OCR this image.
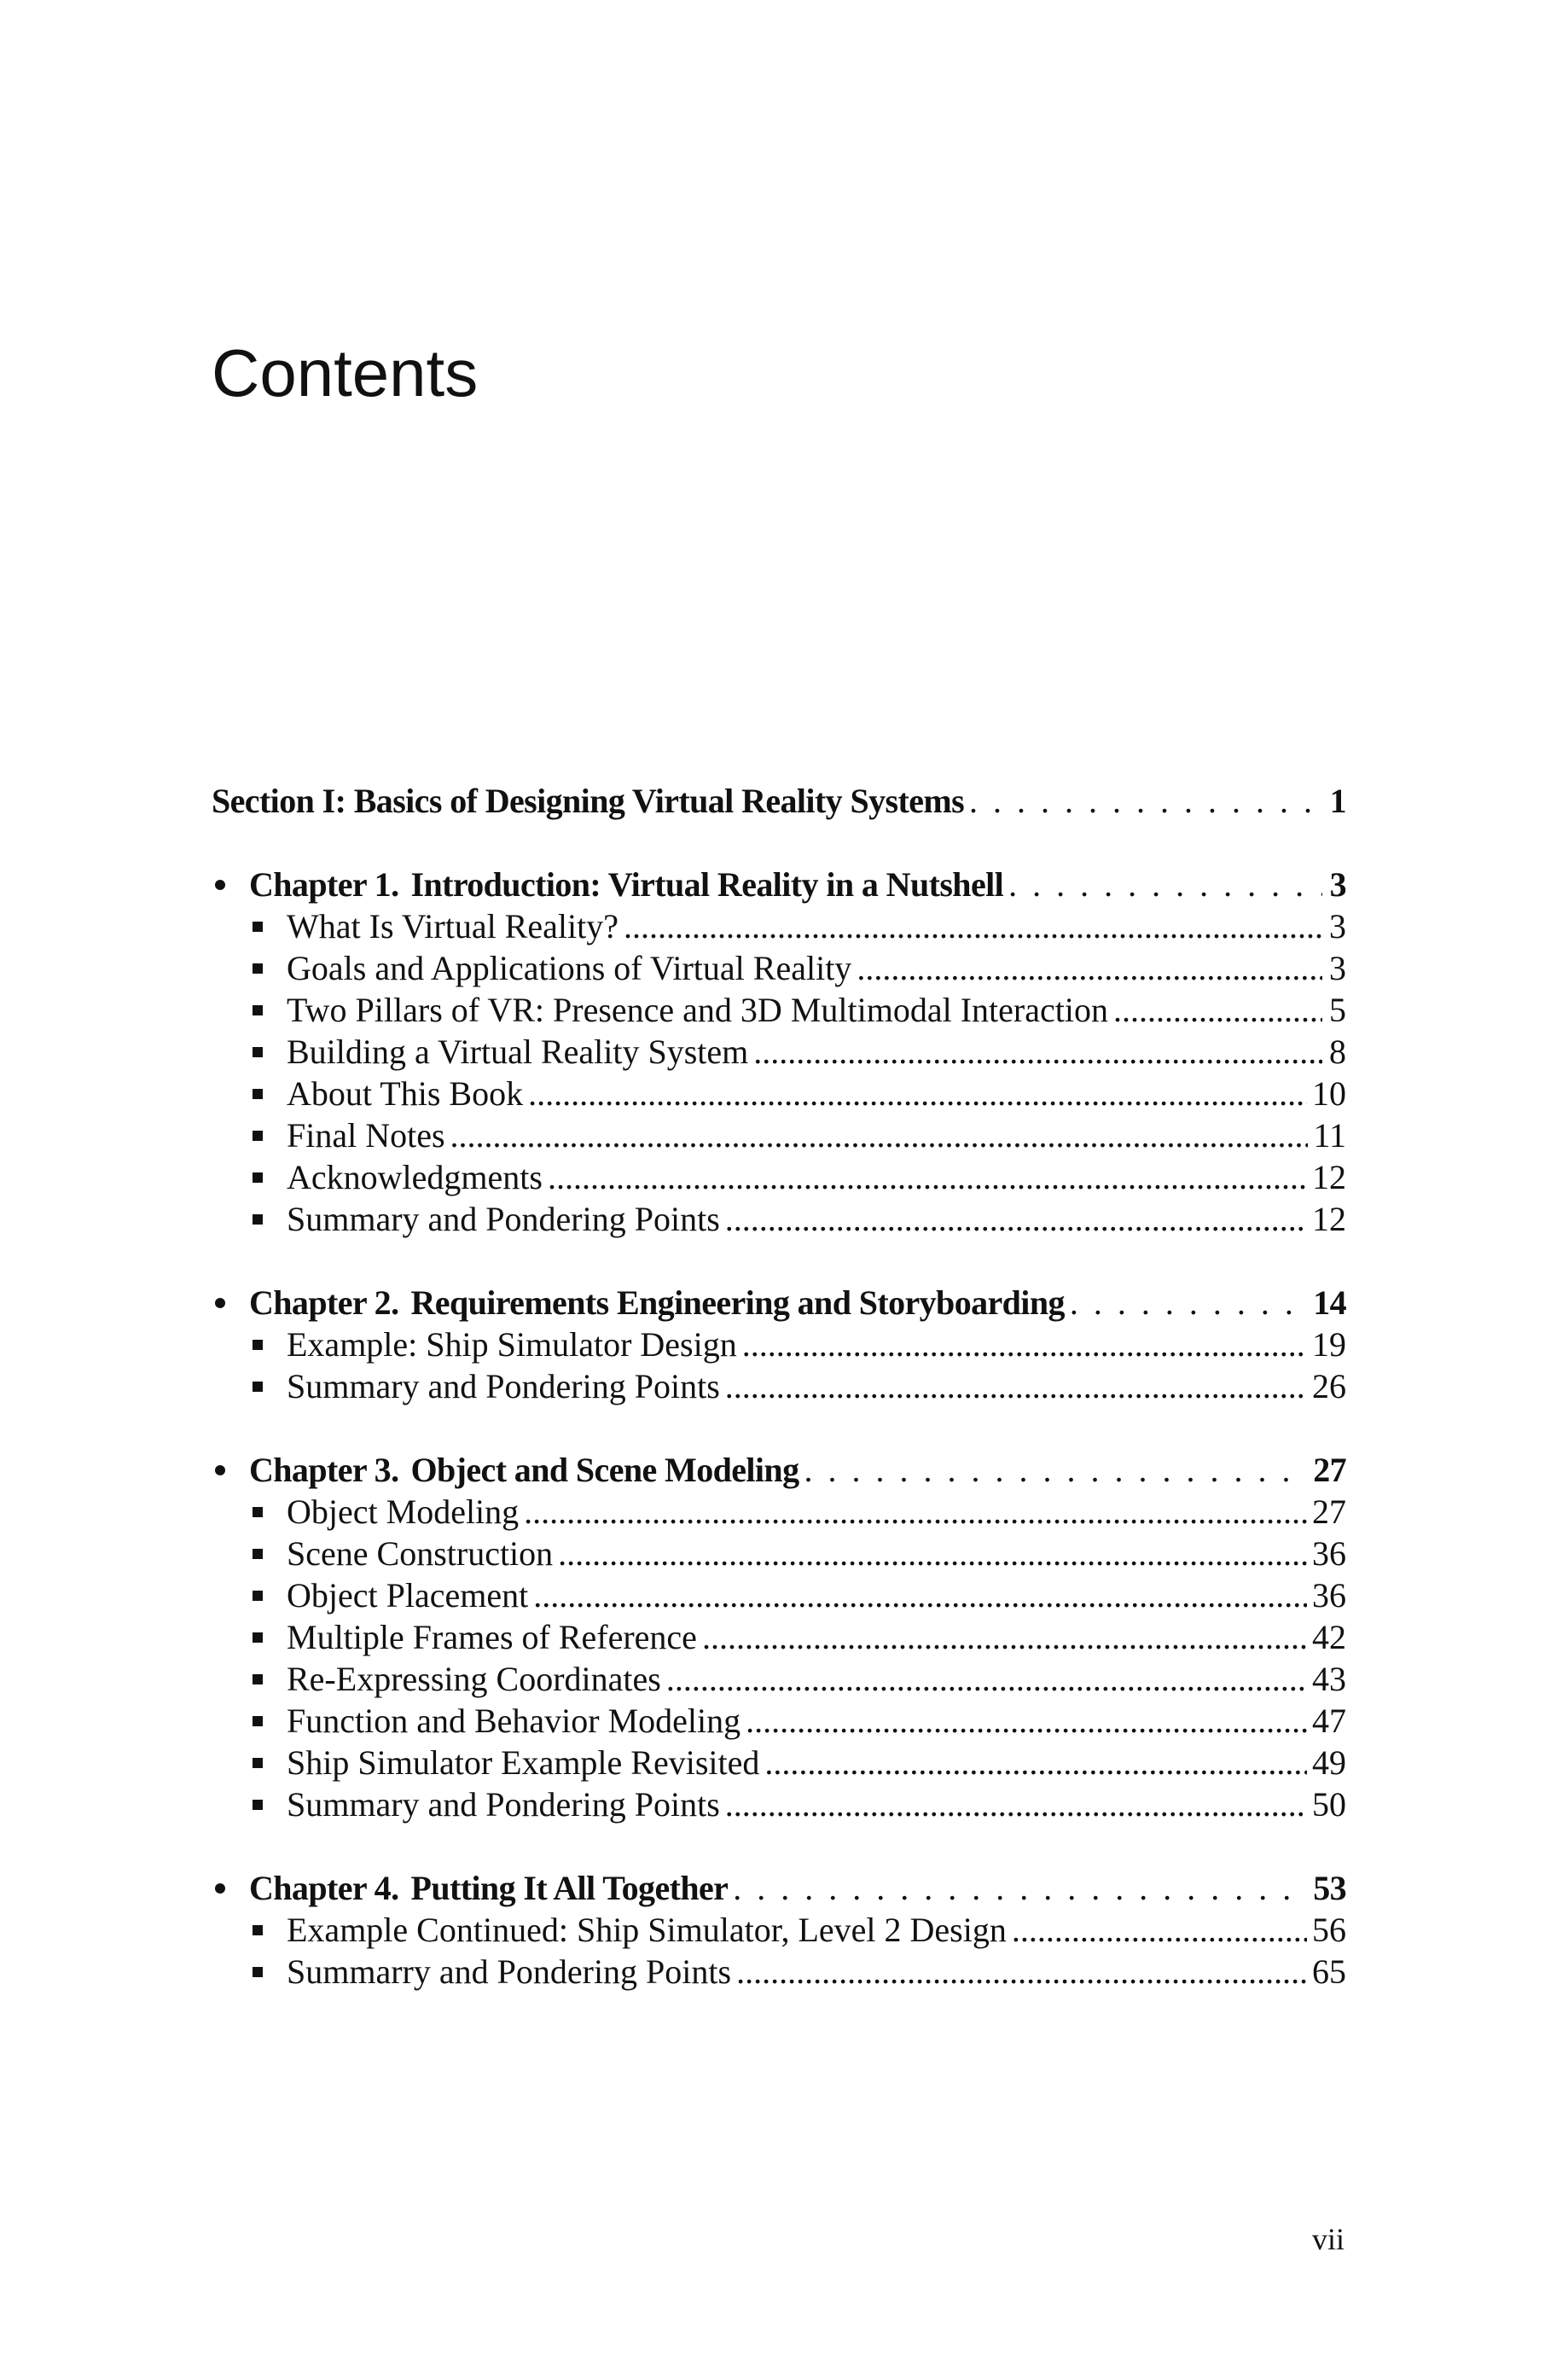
Contents
Section I: Basics of Designing Virtual Reality Systems . . .	1
Chapter 1. Introduction: Virtual Reality in a Nutshell . . .	3
What Is Virtual Reality? .....	3
Goals and Applications of Virtual Reality .....	3
Two Pillars of VR: Presence and 3D Multimodal Interaction .....	5
Building a Virtual Reality System .....	8
About This Book .....	10
Final Notes .....	11
Acknowledgments .....	12
Summary and Pondering Points .....	12
Chapter 2. Requirements Engineering and Storyboarding . . .	14
Example: Ship Simulator Design .....	19
Summary and Pondering Points .....	26
Chapter 3. Object and Scene Modeling . . .	27
Object Modeling .....	27
Scene Construction .....	36
Object Placement .....	36
Multiple Frames of Reference .....	42
Re-Expressing Coordinates .....	43
Function and Behavior Modeling .....	47
Ship Simulator Example Revisited .....	49
Summary and Pondering Points .....	50
Chapter 4. Putting It All Together . . .	53
Example Continued: Ship Simulator, Level 2 Design .....	56
Summarry and Pondering Points .....	65
vii
